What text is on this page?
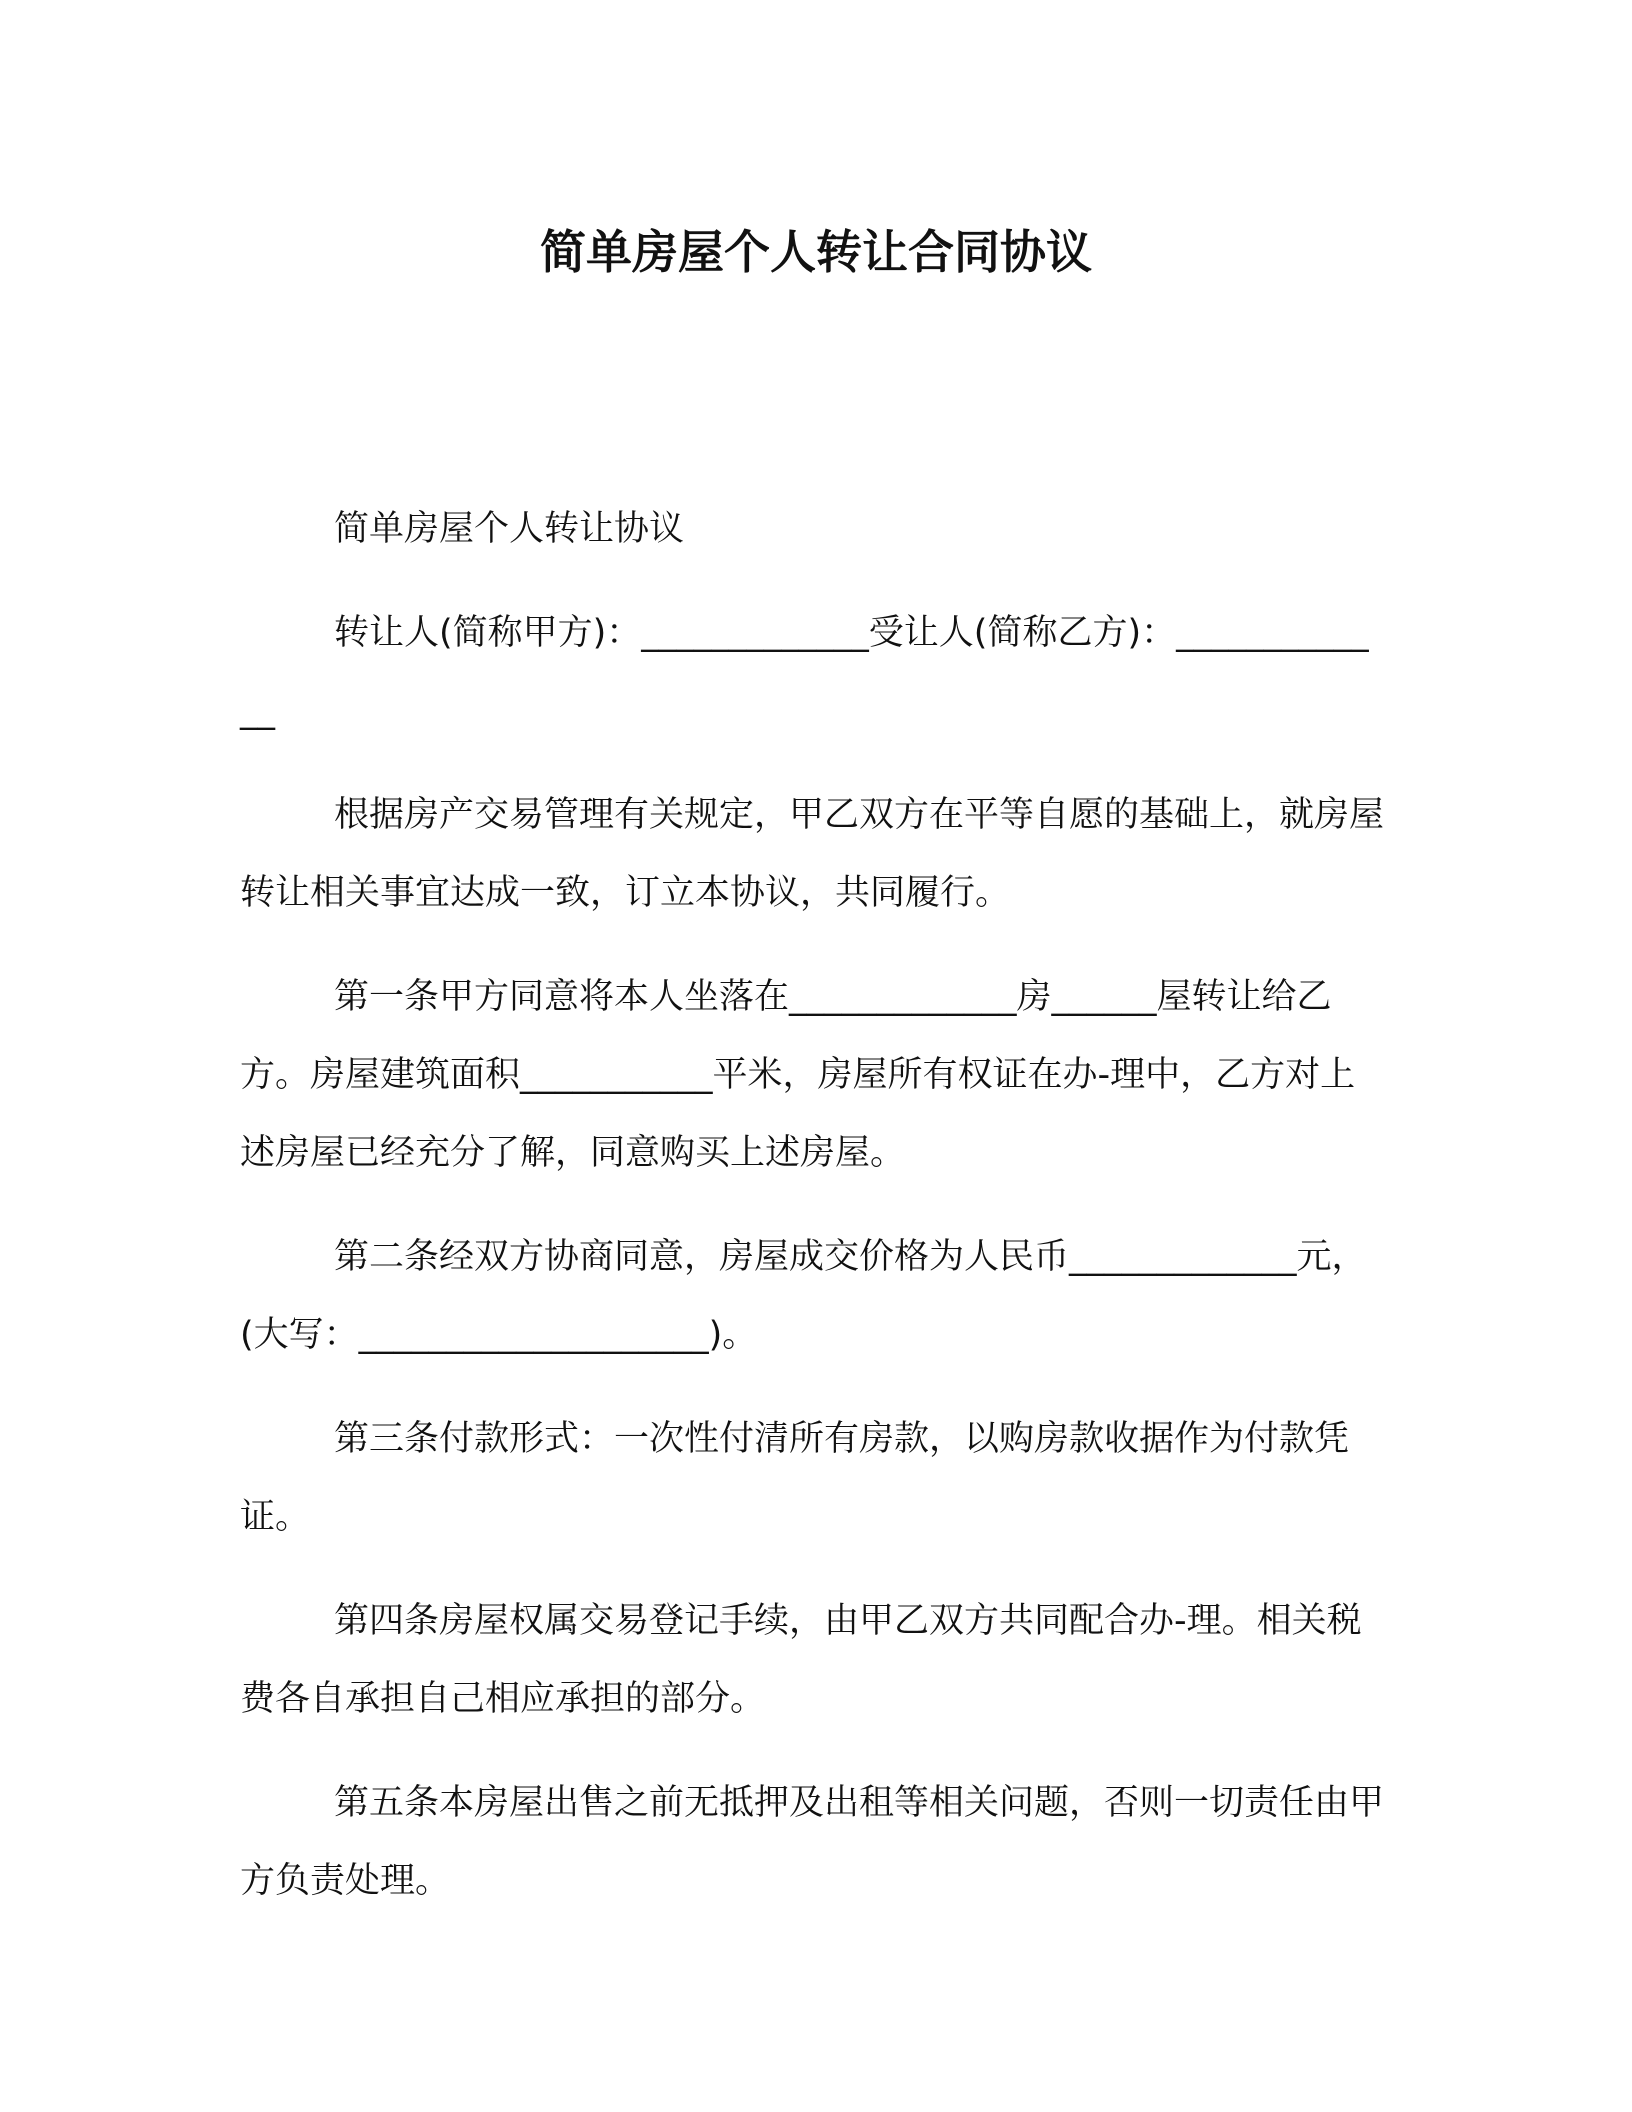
简单房屋个人转让合同协议

简单房屋个人转让协议

转让人(简称甲方)：_____________受让人(简称乙方)：_____________

根据房产交易管理有关规定，甲乙双方在平等自愿的基础上，就房屋转让相关事宜达成一致，订立本协议，共同履行。

第一条甲方同意将本人坐落在_____________房______屋转让给乙方。房屋建筑面积___________平米，房屋所有权证在办-理中，乙方对上述房屋已经充分了解，同意购买上述房屋。

第二条经双方协商同意，房屋成交价格为人民币_____________元，(大写：____________________)。

第三条付款形式：一次性付清所有房款，以购房款收据作为付款凭证。

第四条房屋权属交易登记手续，由甲乙双方共同配合办-理。相关税费各自承担自己相应承担的部分。

第五条本房屋出售之前无抵押及出租等相关问题，否则一切责任由甲方负责处理。
